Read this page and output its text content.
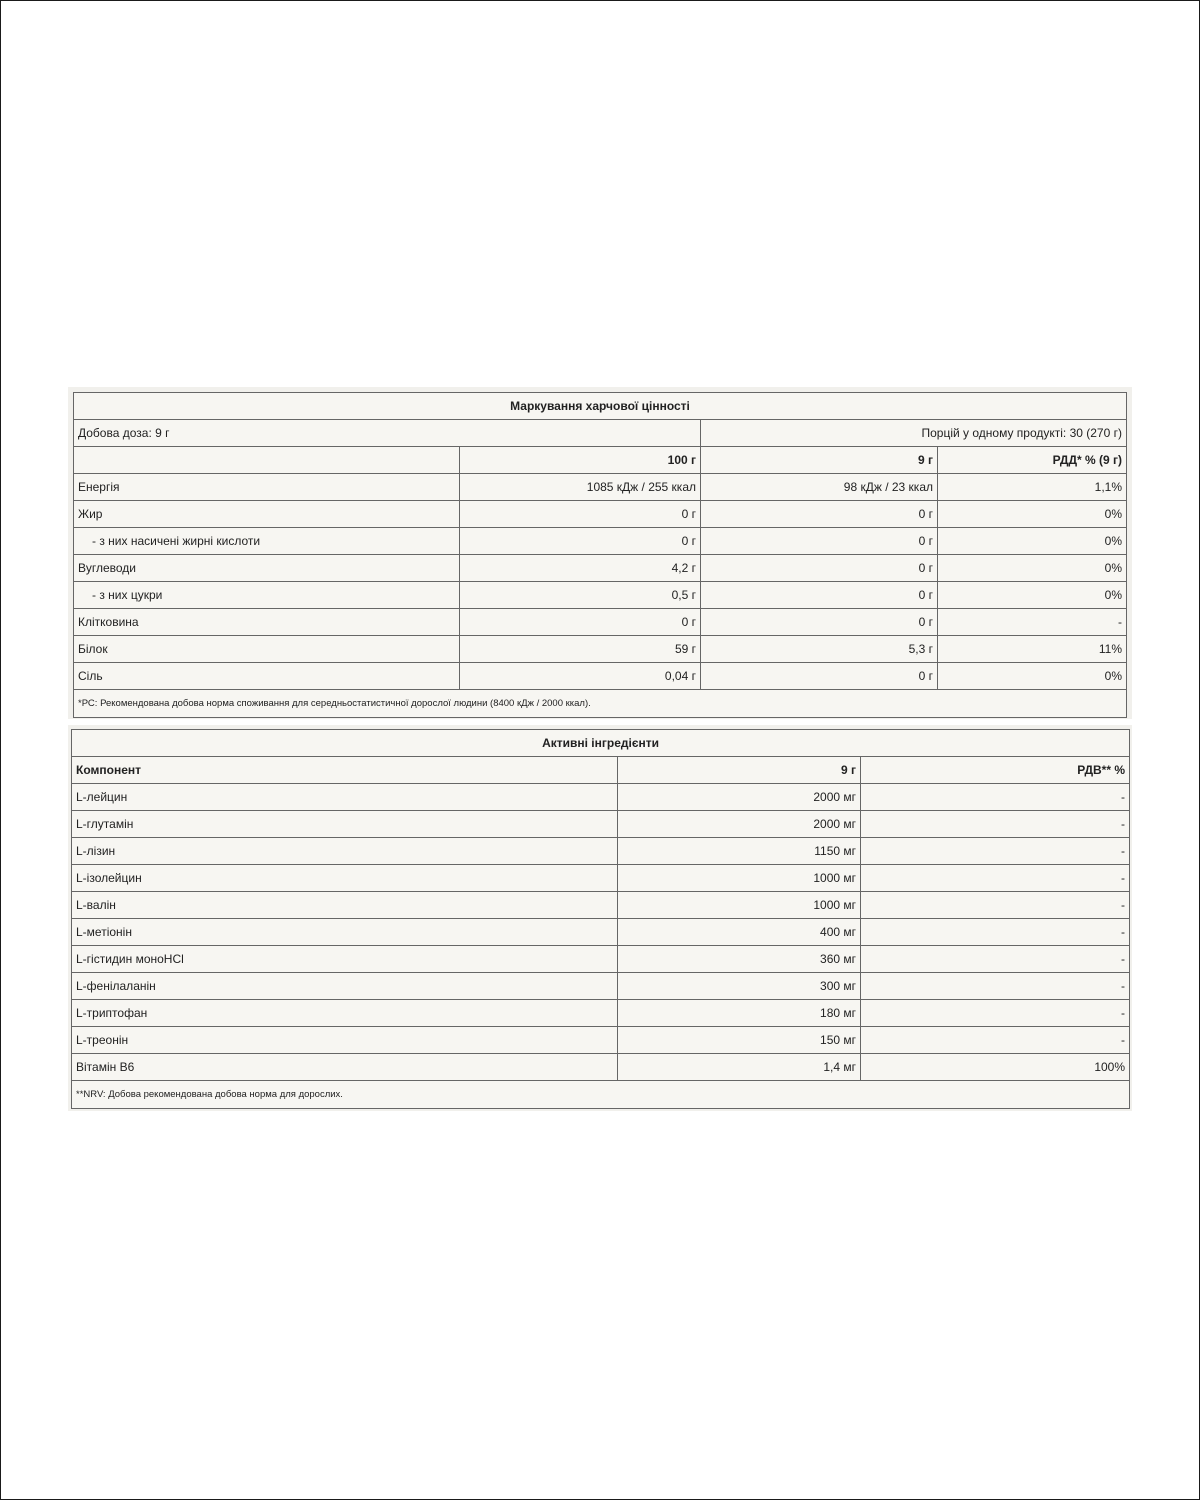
Маркування харчової цінності			
Добова доза: 9 г		Порцій у одному продукті: 30 (270 г)	
	100 г	9 г	РДД* % (9 г)
Енергія	1085 кДж / 255 ккал	98 кДж / 23 ккал	1,1%
Жир	0 г	0 г	0%
- з них насичені жирні кислоти	0 г	0 г	0%
Вуглеводи	4,2 г	0 г	0%
- з них цукри	0,5 г	0 г	0%
Клітковина	0 г	0 г	-
Білок	59 г	5,3 г	11%
Сіль	0,04 г	0 г	0%
*РС: Рекомендована добова норма споживання для середньостатистичної дорослої людини (8400 кДж / 2000 ккал).			
Активні інгредієнти		
Компонент	9 г	РДВ** %
L-лейцин	2000 мг	-
L-глутамін	2000 мг	-
L-лізин	1150 мг	-
L-ізолейцин	1000 мг	-
L-валін	1000 мг	-
L-метіонін	400 мг	-
L-гістидин моноHCl	360 мг	-
L-фенілаланін	300 мг	-
L-триптофан	180 мг	-
L-треонін	150 мг	-
Вітамін B6	1,4 мг	100%
**NRV: Добова рекомендована добова норма для дорослих.		
